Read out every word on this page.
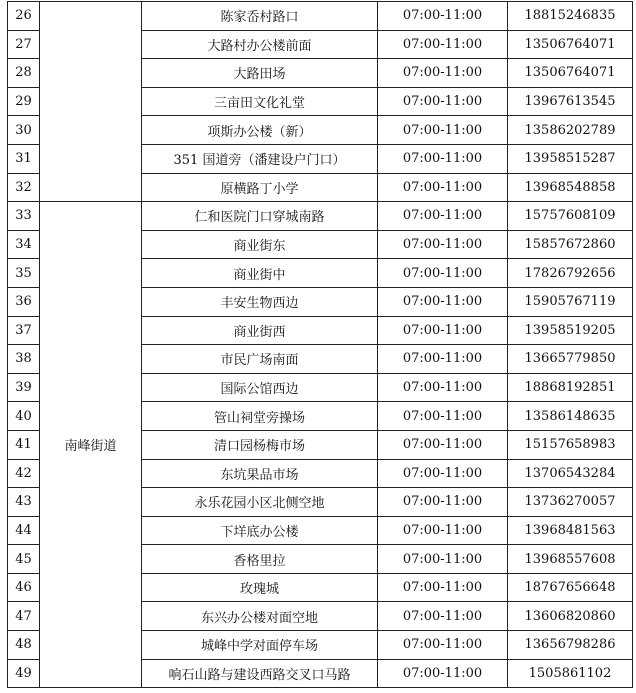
26		陈家岙村路口	07:00-11:00	18815246835
27		大路村办公楼前面	07:00-11:00	13506764071
28		大路田场	07:00-11:00	13506764071
29		三亩田文化礼堂	07:00-11:00	13967613545
30		项斯办公楼（新）	07:00-11:00	13586202789
31		351 国道旁（潘建设户门口）	07:00-11:00	13958515287
32		原横路丁小学	07:00-11:00	13968548858
33	南峰街道	仁和医院门口穿城南路	07:00-11:00	15757608109
34		商业街东	07:00-11:00	15857672860
35		商业街中	07:00-11:00	17826792656
36		丰安生物西边	07:00-11:00	15905767119
37		商业街西	07:00-11:00	13958519205
38		市民广场南面	07:00-11:00	13665779850
39		国际公馆西边	07:00-11:00	18868192851
40		管山祠堂旁操场	07:00-11:00	13586148635
41		清口园杨梅市场	07:00-11:00	15157658983
42		东坑果品市场	07:00-11:00	13706543284
43		永乐花园小区北侧空地	07:00-11:00	13736270057
44		下垟底办公楼	07:00-11:00	13968481563
45		香格里拉	07:00-11:00	13968557608
46		玫瑰城	07:00-11:00	18767656648
47		东兴办公楼对面空地	07:00-11:00	13606820860
48		城峰中学对面停车场	07:00-11:00	13656798286
49		响石山路与建设西路交叉口马路	07:00-11:00	1505861102
